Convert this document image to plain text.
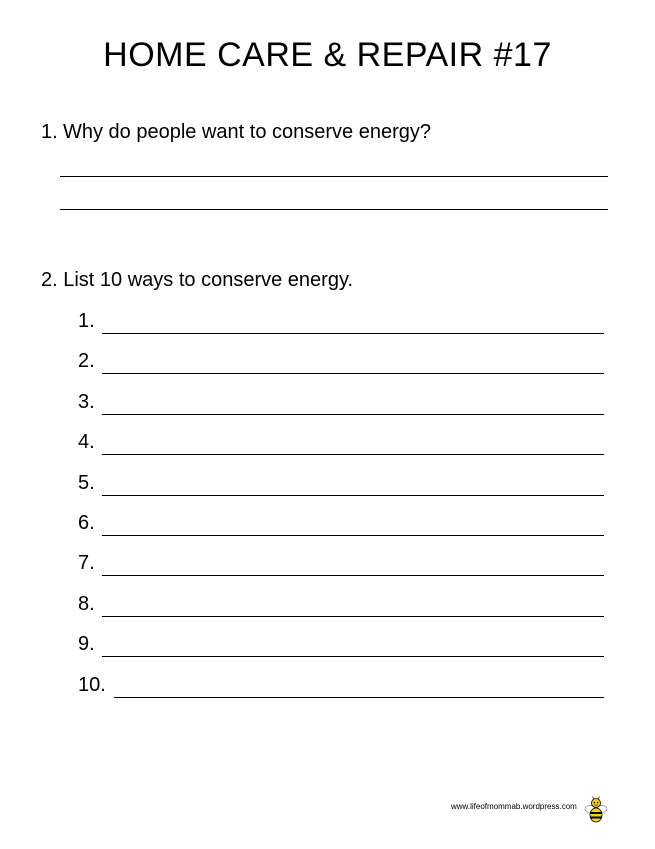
HOME CARE & REPAIR #17
1. Why do people want to conserve energy?
2. List 10 ways to conserve energy.
1.
2.
3.
4.
5.
6.
7.
8.
9.
10.
www.lifeofmommab.wordpress.com
